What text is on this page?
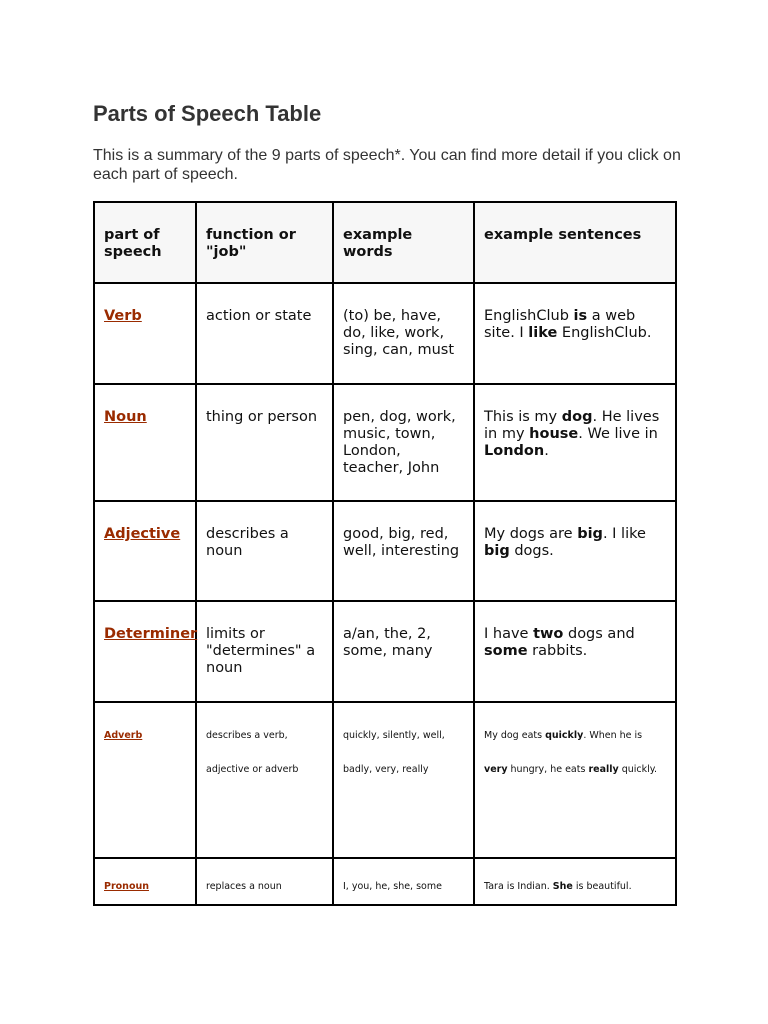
Parts of Speech Table

This is a summary of the 9 parts of speech*. You can find more detail if you click on each part of speech.

part of speech	function or "job"	example words	example sentences
Verb	action or state	(to) be, have, do, like, work, sing, can, must	EnglishClub is a web site. I like EnglishClub.
Noun	thing or person	pen, dog, work, music, town, London, teacher, John	This is my dog. He lives in my house. We live in London.
Adjective	describes a noun	good, big, red, well, interesting	My dogs are big. I like big dogs.
Determiner	limits or "determines" a noun	a/an, the, 2, some, many	I have two dogs and some rabbits.
Adverb	describes a verb, adjective or adverb	quickly, silently, well, badly, very, really	My dog eats quickly. When he is very hungry, he eats really quickly.
Pronoun	replaces a noun	I, you, he, she, some	Tara is Indian. She is beautiful.
